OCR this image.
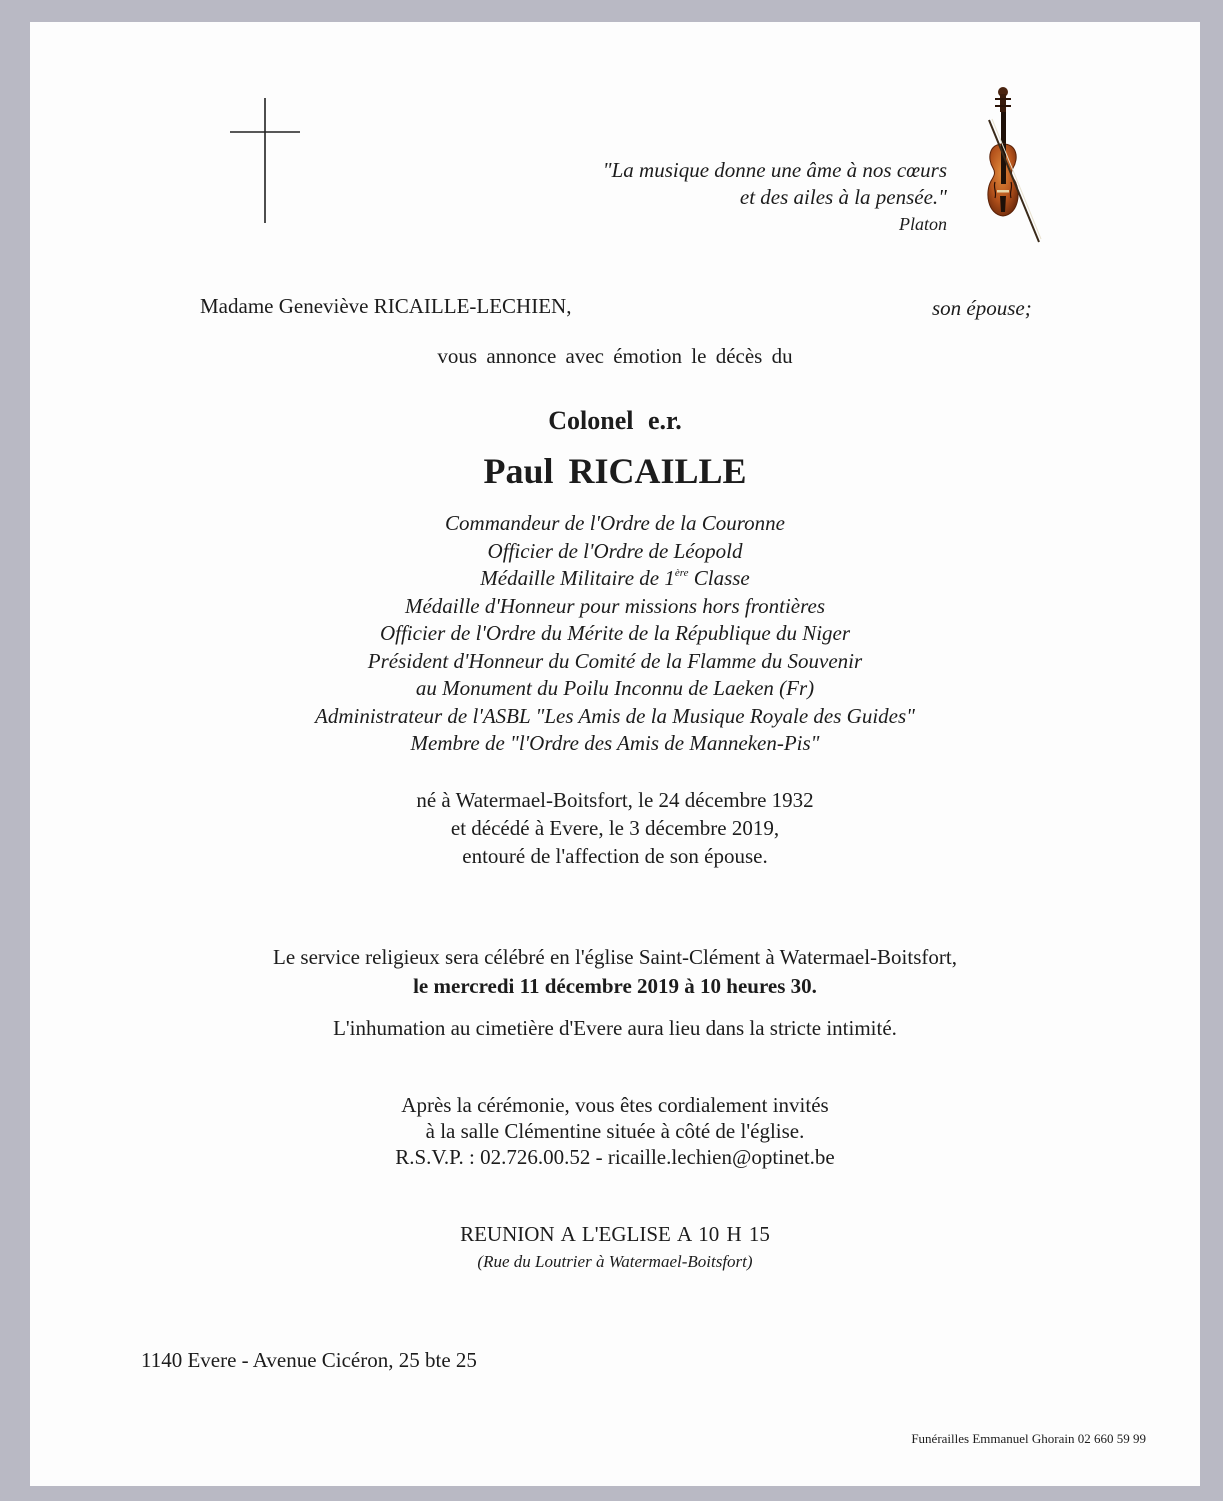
"La musique donne une âme à nos cœurs
et des ailes à la pensée."
Platon
Madame Geneviève RICAILLE-LECHIEN,	son épouse;
vous annonce avec émotion le décès du
Colonel e.r.
Paul RICAILLE
Commandeur de l'Ordre de la Couronne
Officier de l'Ordre de Léopold
Médaille Militaire de 1ère Classe
Médaille d'Honneur pour missions hors frontières
Officier de l'Ordre du Mérite de la République du Niger
Président d'Honneur du Comité de la Flamme du Souvenir
au Monument du Poilu Inconnu de Laeken (Fr)
Administrateur de l'ASBL "Les Amis de la Musique Royale des Guides"
Membre de "l'Ordre des Amis de Manneken-Pis"
né à Watermael-Boitsfort, le 24 décembre 1932
et décédé à Evere, le 3 décembre 2019,
entouré de l'affection de son épouse.
Le service religieux sera célébré en l'église Saint-Clément à Watermael-Boitsfort,
le mercredi 11 décembre 2019 à 10 heures 30.
L'inhumation au cimetière d'Evere aura lieu dans la stricte intimité.
Après la cérémonie, vous êtes cordialement invités
à la salle Clémentine située à côté de l'église.
R.S.V.P. : 02.726.00.52 - ricaille.lechien@optinet.be
REUNION A L'EGLISE A 10 H 15
(Rue du Loutrier à Watermael-Boitsfort)
1140 Evere - Avenue Cicéron, 25 bte 25
Funérailles Emmanuel Ghorain 02 660 59 99
